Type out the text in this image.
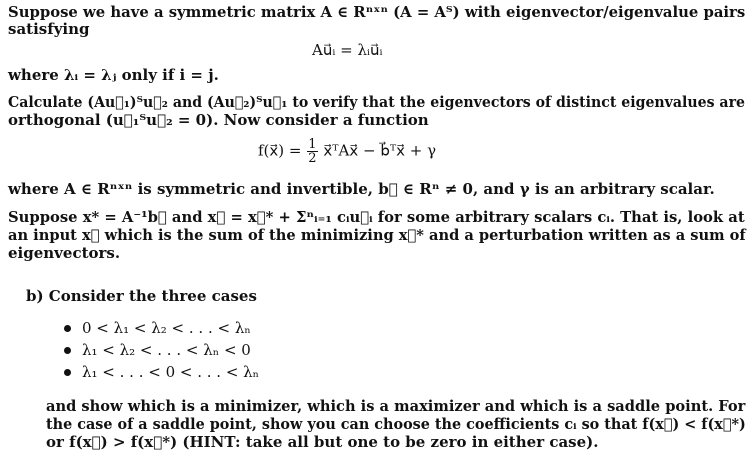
Suppose we have a symmetric matrix A ∈ Rⁿˣⁿ (A = Aᵀ) with eigenvector/eigenvalue pairs
satisfying
Au⃗ᵢ = λᵢu⃗ᵢ
where λᵢ = λⱼ only if i = j.
Calculate (Au⃗₁)ᵀu⃗₂ and (Au⃗₂)ᵀu⃗₁ to verify that the eigenvectors of distinct eigenvalues are
orthogonal (u⃗₁ᵀu⃗₂ = 0). Now consider a function
f(x⃗) = $\frac{1}{2}$ x⃗ᵀAx⃗ − b⃗ᵀx⃗ + γ
where A ∈ Rⁿˣⁿ is symmetric and invertible, b⃗ ∈ Rⁿ ≠ 0, and γ is an arbitrary scalar.
Suppose x* = A⁻¹b⃗ and x⃗ = x⃗* + Σⁿᵢ₌₁ cᵢu⃗ᵢ for some arbitrary scalars cᵢ. That is, look at
an input x⃗ which is the sum of the minimizing x⃗* and a perturbation written as a sum of
eigenvectors.
b) Consider the three cases
0 < λ₁ < λ₂ < . . . < λₙ
λ₁ < λ₂ < . . . < λₙ < 0
λ₁ < . . . < 0 < . . . < λₙ
and show which is a minimizer, which is a maximizer and which is a saddle point. For
the case of a saddle point, show you can choose the coefficients cᵢ so that f(x⃗) < f(x⃗*)
or f(x⃗) > f(x⃗*) (HINT: take all but one to be zero in either case).
